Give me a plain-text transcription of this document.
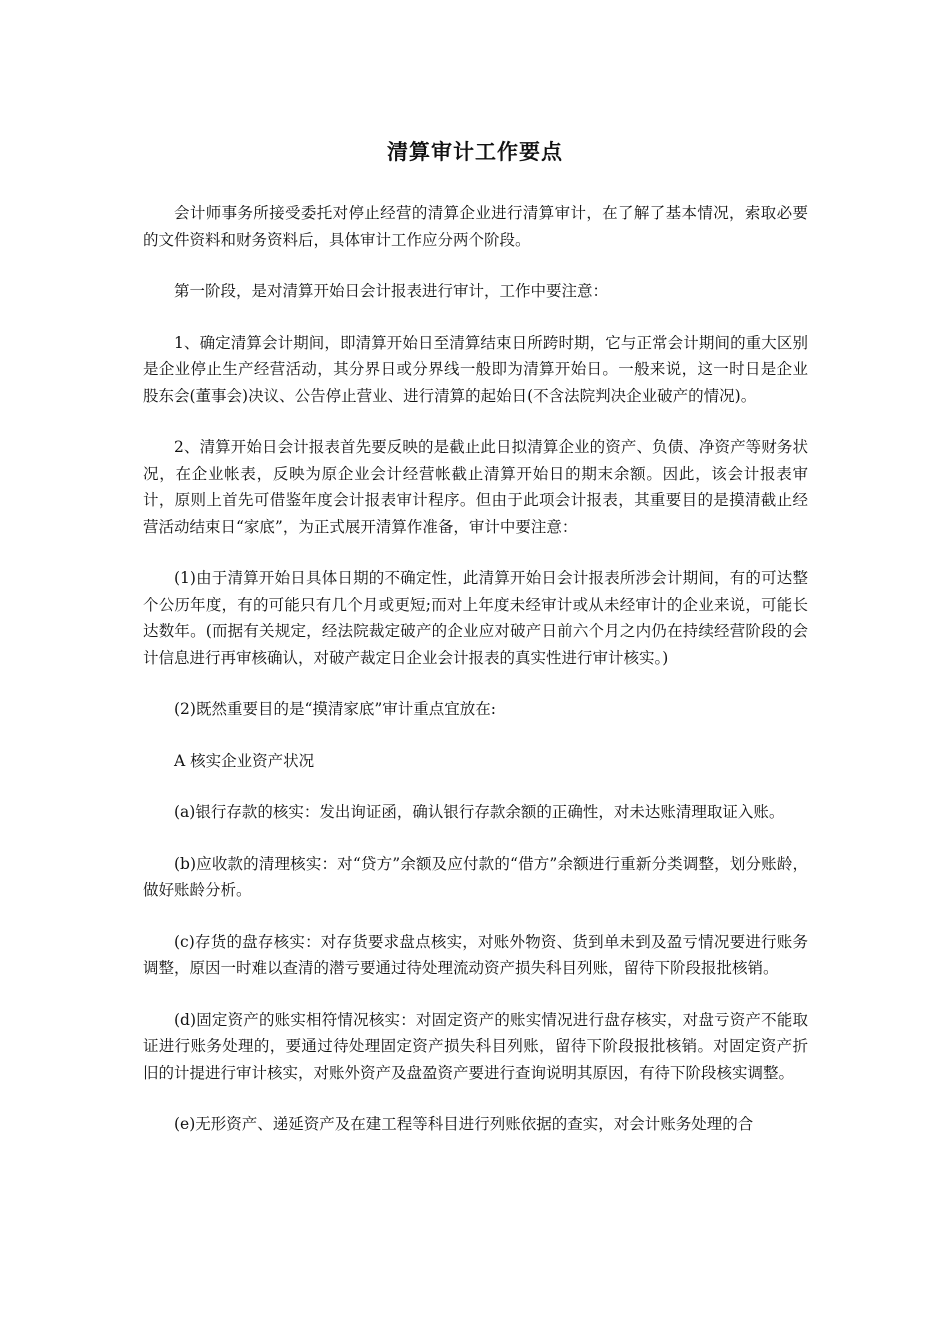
清算审计工作要点

会计师事务所接受委托对停止经营的清算企业进行清算审计，在了解了基本情况，索取必要的文件资料和财务资料后，具体审计工作应分两个阶段。

第一阶段，是对清算开始日会计报表进行审计，工作中要注意：

1、确定清算会计期间，即清算开始日至清算结束日所跨时期，它与正常会计期间的重大区别是企业停止生产经营活动，其分界日或分界线一般即为清算开始日。一般来说，这一时日是企业股东会(董事会)决议、公告停止营业、进行清算的起始日(不含法院判决企业破产的情况)。

2、清算开始日会计报表首先要反映的是截止此日拟清算企业的资产、负债、净资产等财务状况，在企业帐表，反映为原企业会计经营帐截止清算开始日的期末余额。因此，该会计报表审计，原则上首先可借鉴年度会计报表审计程序。但由于此项会计报表，其重要目的是摸清截止经营活动结束日“家底”，为正式展开清算作准备，审计中要注意：

(1)由于清算开始日具体日期的不确定性，此清算开始日会计报表所涉会计期间，有的可达整个公历年度，有的可能只有几个月或更短;而对上年度未经审计或从未经审计的企业来说，可能长达数年。(而据有关规定，经法院裁定破产的企业应对破产日前六个月之内仍在持续经营阶段的会计信息进行再审核确认，对破产裁定日企业会计报表的真实性进行审计核实。)

(2)既然重要目的是“摸清家底”审计重点宜放在:

A 核实企业资产状况

(a)银行存款的核实：发出询证函，确认银行存款余额的正确性，对未达账清理取证入账。

(b)应收款的清理核实：对“贷方”余额及应付款的“借方”余额进行重新分类调整，划分账龄，做好账龄分析。

(c)存货的盘存核实：对存货要求盘点核实，对账外物资、货到单未到及盈亏情况要进行账务调整，原因一时难以查清的潜亏要通过待处理流动资产损失科目列账，留待下阶段报批核销。

(d)固定资产的账实相符情况核实：对固定资产的账实情况进行盘存核实，对盘亏资产不能取证进行账务处理的，要通过待处理固定资产损失科目列账，留待下阶段报批核销。对固定资产折旧的计提进行审计核实，对账外资产及盘盈资产要进行查询说明其原因，有待下阶段核实调整。

(e)无形资产、递延资产及在建工程等科目进行列账依据的查实，对会计账务处理的合
